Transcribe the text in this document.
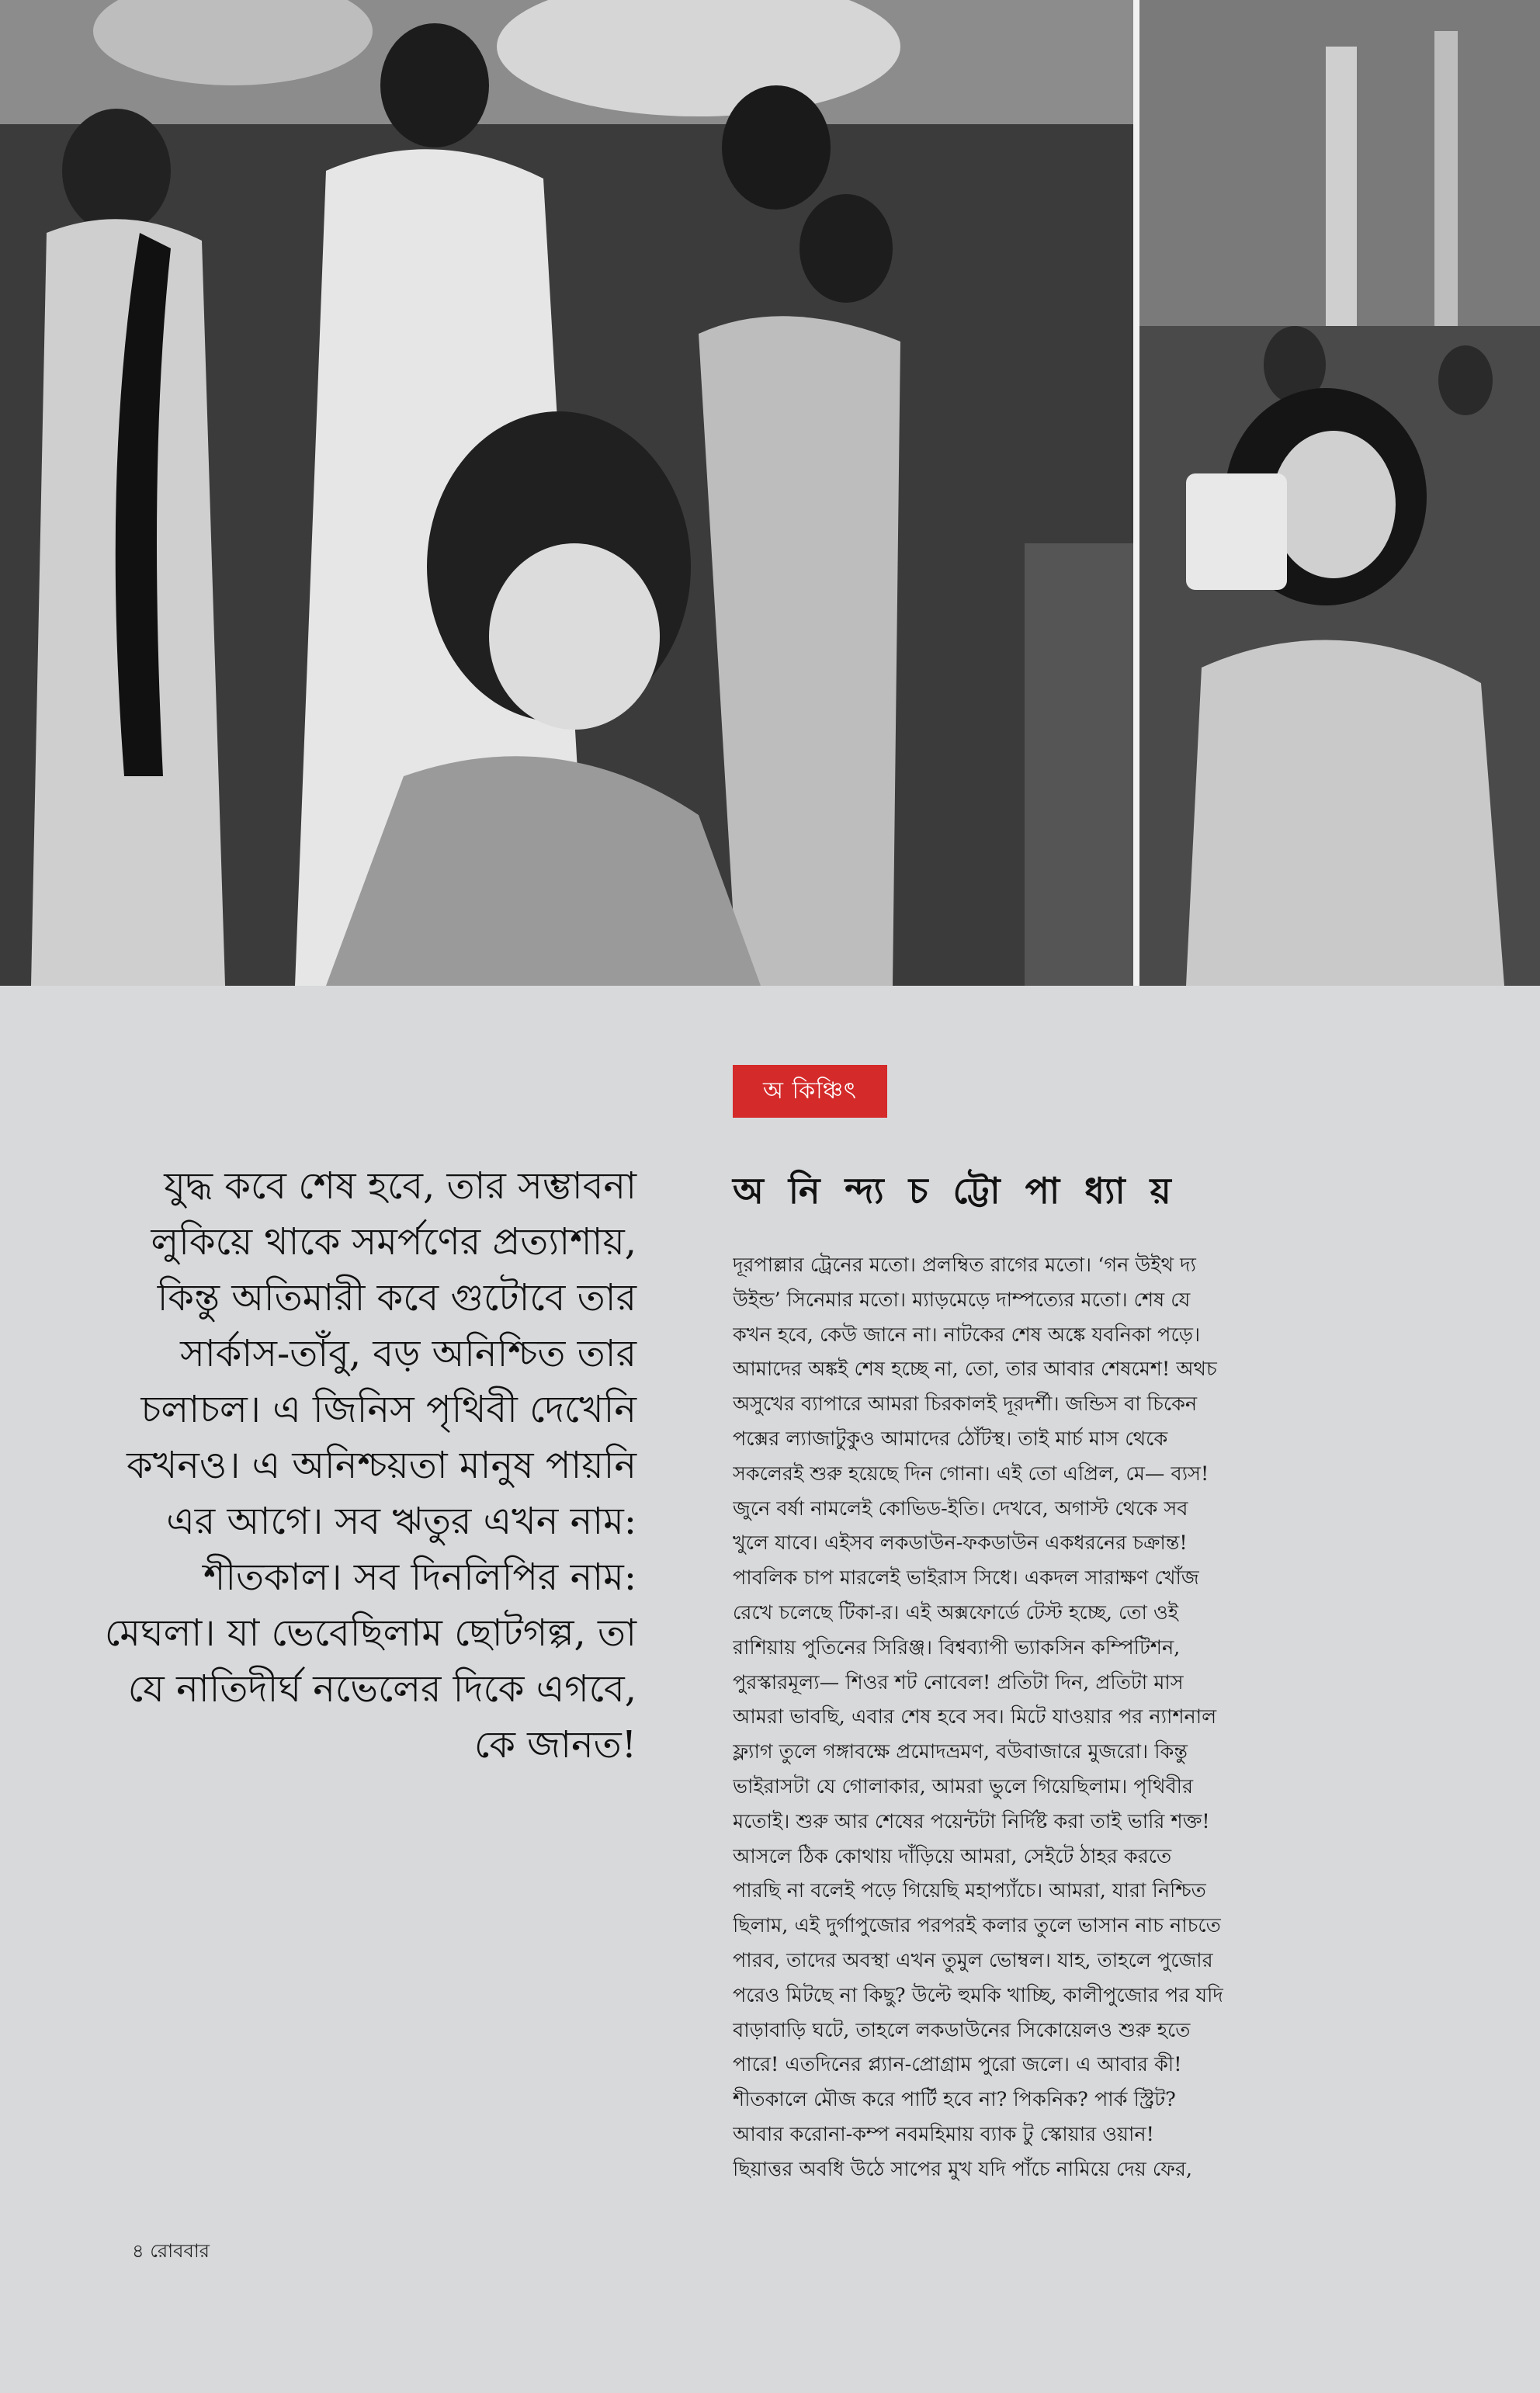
অ কিঞ্চিৎ
অ নি ন্দ্য চ ট্টো পা ধ্যা য়
যুদ্ধ কবে শেষ হবে, তার সম্ভাবনা লুকিয়ে থাকে সমর্পণের প্রত্যাশায়, কিন্তু অতিমারী কবে গুটোবে তার সার্কাস-তাঁবু, বড় অনিশ্চিত তার চলাচল। এ জিনিস পৃথিবী দেখেনি কখনও। এ অনিশ্চয়তা মানুষ পায়নি এর আগে। সব ঋতুর এখন নাম: শীতকাল। সব দিনলিপির নাম: মেঘলা। যা ভেবেছিলাম ছোটগল্প, তা যে নাতিদীর্ঘ নভেলের দিকে এগবে, কে জানত!
দূরপাল্লার ট্রেনের মতো। প্রলম্বিত রাগের মতো। ‘গন উইথ দ্য
উইন্ড’ সিনেমার মতো। ম্যাড়মেড়ে দাম্পত্যের মতো। শেষ যে
কখন হবে, কেউ জানে না। নাটকের শেষ অঙ্কে যবনিকা পড়ে।
আমাদের অঙ্কই শেষ হচ্ছে না, তো, তার আবার শেষমেশ! অথচ
অসুখের ব্যাপারে আমরা চিরকালই দূরদর্শী। জন্ডিস বা চিকেন
পক্সের ল্যাজাটুকুও আমাদের ঠোঁটস্থ। তাই মার্চ মাস থেকে
সকলেরই শুরু হয়েছে দিন গোনা। এই তো এপ্রিল, মে— ব্যস!
জুনে বর্ষা নামলেই কোভিড-ইতি। দেখবে, অগাস্ট থেকে সব
খুলে যাবে। এইসব লকডাউন-ফকডাউন একধরনের চক্রান্ত!
পাবলিক চাপ মারলেই ভাইরাস সিধে। একদল সারাক্ষণ খোঁজ
রেখে চলেছে টিকা-র। এই অক্সফোর্ডে টেস্ট হচ্ছে, তো ওই
রাশিয়ায় পুতিনের সিরিঞ্জ। বিশ্বব্যাপী ভ্যাকসিন কম্পিটিশন,
পুরস্কারমূল্য— শিওর শট নোবেল! প্রতিটা দিন, প্রতিটা মাস
আমরা ভাবছি, এবার শেষ হবে সব। মিটে যাওয়ার পর ন্যাশনাল
ফ্ল্যাগ তুলে গঙ্গাবক্ষে প্রমোদভ্রমণ, বউবাজারে মুজরো। কিন্তু
ভাইরাসটা যে গোলাকার, আমরা ভুলে গিয়েছিলাম। পৃথিবীর
মতোই। শুরু আর শেষের পয়েন্টটা নির্দিষ্ট করা তাই ভারি শক্ত!
আসলে ঠিক কোথায় দাঁড়িয়ে আমরা, সেইটে ঠাহর করতে
পারছি না বলেই পড়ে গিয়েছি মহাপ্যাঁচে। আমরা, যারা নিশ্চিত
ছিলাম, এই দুর্গাপুজোর পরপরই কলার তুলে ভাসান নাচ নাচতে
পারব, তাদের অবস্থা এখন তুমুল ভোম্বল। যাহ, তাহলে পুজোর
পরেও মিটছে না কিছু? উল্টে হুমকি খাচ্ছি, কালীপুজোর পর যদি
বাড়াবাড়ি ঘটে, তাহলে লকডাউনের সিকোয়েলও শুরু হতে
পারে! এতদিনের প্ল্যান-প্রোগ্রাম পুরো জলে। এ আবার কী!
শীতকালে মৌজ করে পার্টি হবে না? পিকনিক? পার্ক স্ট্রিট?
আবার করোনা-কম্প নবমহিমায় ব্যাক টু স্কোয়ার ওয়ান!
ছিয়াত্তর অবধি উঠে সাপের মুখ যদি পাঁচে নামিয়ে দেয় ফের,
৪ রোববার
